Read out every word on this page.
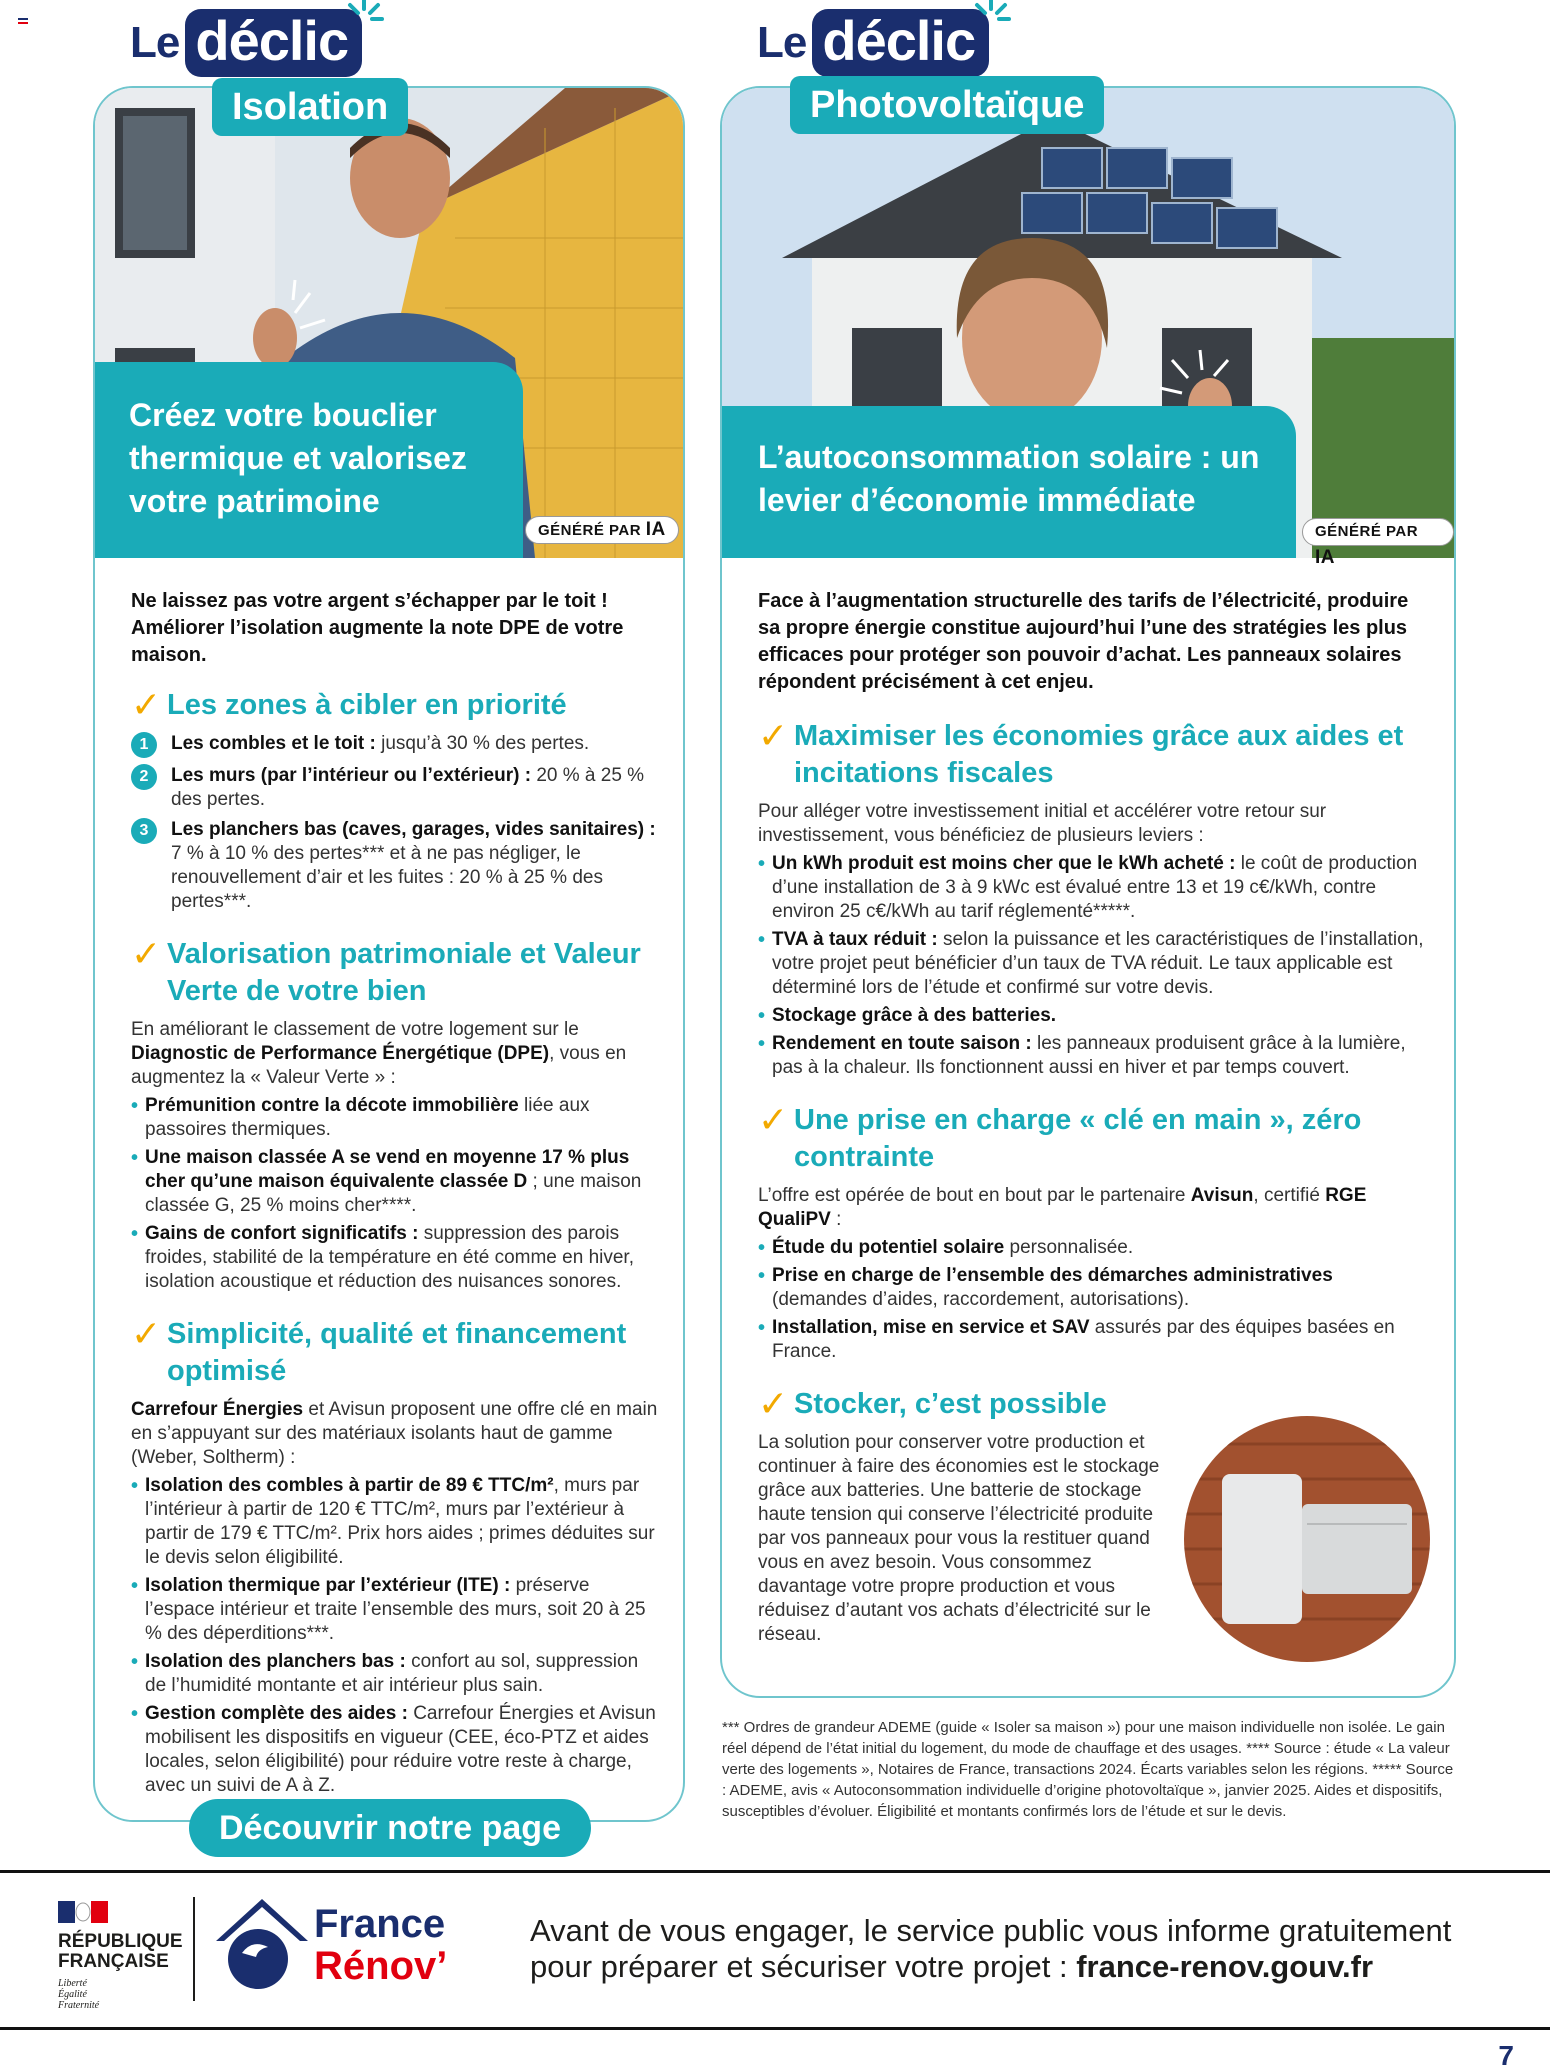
Créez votre bouclier thermique et valorisez votre patrimoine
GÉNÉRÉ PAR IA
Ne laissez pas votre argent s’échapper par le toit ! Améliorer l’isolation augmente la note DPE de votre maison.
✓ Les zones à cibler en priorité
1	Les combles et le toit : jusqu’à 30 % des pertes.
2	Les murs (par l’intérieur ou l’extérieur) : 20 % à 25 % des pertes.
3	Les planchers bas (caves, garages, vides sanitaires) : 7 % à 10 % des pertes*** et à ne pas négliger, le renouvellement d’air et les fuites : 20 % à 25 % des pertes***.
✓ Valorisation patrimoniale et Valeur Verte de votre bien
En améliorant le classement de votre logement sur le Diagnostic de Performance Énergétique (DPE), vous en augmentez la « Valeur Verte » :
• Prémunition contre la décote immobilière liée aux passoires thermiques.
• Une maison classée A se vend en moyenne 17 % plus cher qu’une maison équivalente classée D ; une maison classée G, 25 % moins cher****.
• Gains de confort significatifs : suppression des parois froides, stabilité de la température en été comme en hiver, isolation acoustique et réduction des nuisances sonores.
✓ Simplicité, qualité et financement optimisé
Carrefour Énergies et Avisun proposent une offre clé en main en s’appuyant sur des matériaux isolants haut de gamme (Weber, Soltherm) :
• Isolation des combles à partir de 89 € TTC/m², murs par l’intérieur à partir de 120 € TTC/m², murs par l’extérieur à partir de 179 € TTC/m². Prix hors aides ; primes déduites sur le devis selon éligibilité.
• Isolation thermique par l’extérieur (ITE) : préserve l’espace intérieur et traite l’ensemble des murs, soit 20 à 25 % des déperditions***.
• Isolation des planchers bas : confort au sol, suppression de l’humidité montante et air intérieur plus sain.
• Gestion complète des aides : Carrefour Énergies et Avisun mobilisent les dispositifs en vigueur (CEE, éco-PTZ et aides locales, selon éligibilité) pour réduire votre reste à charge, avec un suivi de A à Z.
Le déclic
Isolation
Découvrir notre page
L’autoconsommation solaire : un levier d’économie immédiate
GÉNÉRÉ PAR IA
Face à l’augmentation structurelle des tarifs de l’électricité, produire sa propre énergie constitue aujourd’hui l’une des stratégies les plus efficaces pour protéger son pouvoir d’achat. Les panneaux solaires répondent précisément à cet enjeu.
✓ Maximiser les économies grâce aux aides et incitations fiscales
Pour alléger votre investissement initial et accélérer votre retour sur investissement, vous bénéficiez de plusieurs leviers :
• Un kWh produit est moins cher que le kWh acheté : le coût de production d’une installation de 3 à 9 kWc est évalué entre 13 et 19 c€/kWh, contre environ 25 c€/kWh au tarif réglementé*****.
• TVA à taux réduit : selon la puissance et les caractéristiques de l’installation, votre projet peut bénéficier d’un taux de TVA réduit. Le taux applicable est déterminé lors de l’étude et confirmé sur votre devis.
• Stockage grâce à des batteries.
• Rendement en toute saison : les panneaux produisent grâce à la lumière, pas à la chaleur. Ils fonctionnent aussi en hiver et par temps couvert.
✓ Une prise en charge « clé en main », zéro contrainte
L’offre est opérée de bout en bout par le partenaire Avisun, certifié RGE QualiPV :
• Étude du potentiel solaire personnalisée.
• Prise en charge de l’ensemble des démarches administratives (demandes d’aides, raccordement, autorisations).
• Installation, mise en service et SAV assurés par des équipes basées en France.
✓ Stocker, c’est possible
La solution pour conserver votre production et continuer à faire des économies est le stockage grâce aux batteries. Une batterie de stockage haute tension qui conserve l’électricité produite par vos panneaux pour vous la restituer quand vous en avez besoin. Vous consommez davantage votre propre production et vous réduisez d’autant vos achats d’électricité sur le réseau.
Le déclic
Photovoltaïque
*** Ordres de grandeur ADEME (guide « Isoler sa maison ») pour une maison individuelle non isolée. Le gain réel dépend de l’état initial du logement, du mode de chauffage et des usages. **** Source : étude « La valeur verte des logements », Notaires de France, transactions 2024. Écarts variables selon les régions. ***** Source : ADEME, avis « Autoconsommation individuelle d’origine photovoltaïque », janvier 2025. Aides et dispositifs, susceptibles d’évoluer. Éligibilité et montants confirmés lors de l’étude et sur le devis.
RÉPUBLIQUE
FRANÇAISE
Liberté
Égalité
Fraternité
France
Rénov’
Avant de vous engager, le service public vous informe gratuitement
pour préparer et sécuriser votre projet : france-renov.gouv.fr
7
